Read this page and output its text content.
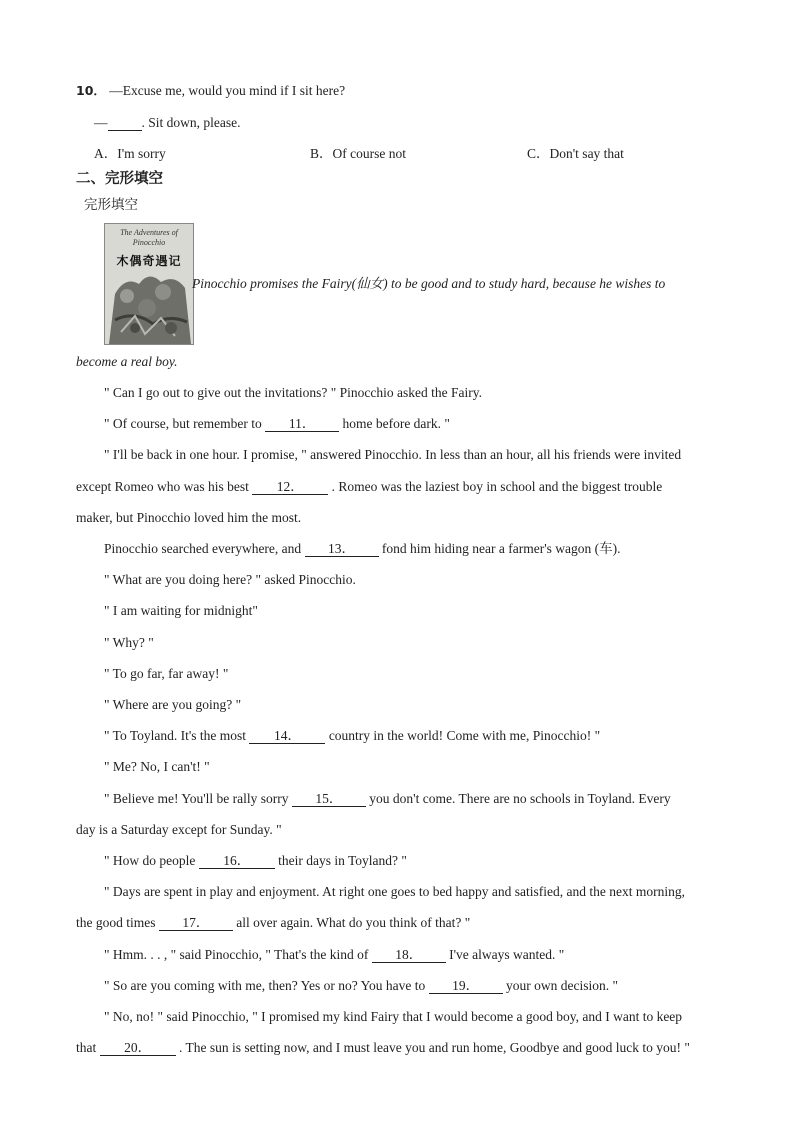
10． —Excuse me, would you mind if I sit here?
—	. Sit down, please.
A．I'm sorry	B．Of course not	C．Don't say that
二、完形填空
完形填空
The Adventures of
Pinocchio
木偶奇遇记
Pinocchio promises the Fairy(仙女) to be good and to study hard, because he wishes to
become a real boy.
" Can I go out to give out the invitations? " Pinocchio asked the Fairy.
" Of course, but remember to 11． home before dark. "
" I'll be back in one hour. I promise, " answered Pinocchio. In less than an hour, all his friends were invited
except Romeo who was his best 12． . Romeo was the laziest boy in school and the biggest trouble
maker, but Pinocchio loved him the most.
Pinocchio searched everywhere, and 13． fond him hiding near a farmer's wagon (车).
" What are you doing here? " asked Pinocchio.
" I am waiting for midnight"
" Why? "
" To go far, far away! "
" Where are you going? "
" To Toyland. It's the most 14． country in the world! Come with me, Pinocchio! "
" Me? No, I can't! "
" Believe me! You'll be rally sorry 15． you don't come. There are no schools in Toyland. Every
day is a Saturday except for Sunday. "
" How do people 16． their days in Toyland? "
" Days are spent in play and enjoyment. At right one goes to bed happy and satisfied, and the next morning,
the good times 17． all over again. What do you think of that? "
" Hmm. . . , " said Pinocchio, " That's the kind of 18． I've always wanted. "
" So are you coming with me, then? Yes or no? You have to 19． your own decision. "
" No, no! " said Pinocchio, " I promised my kind Fairy that I would become a good boy, and I want to keep
that 20． . The sun is setting now, and I must leave you and run home, Goodbye and good luck to you! "
